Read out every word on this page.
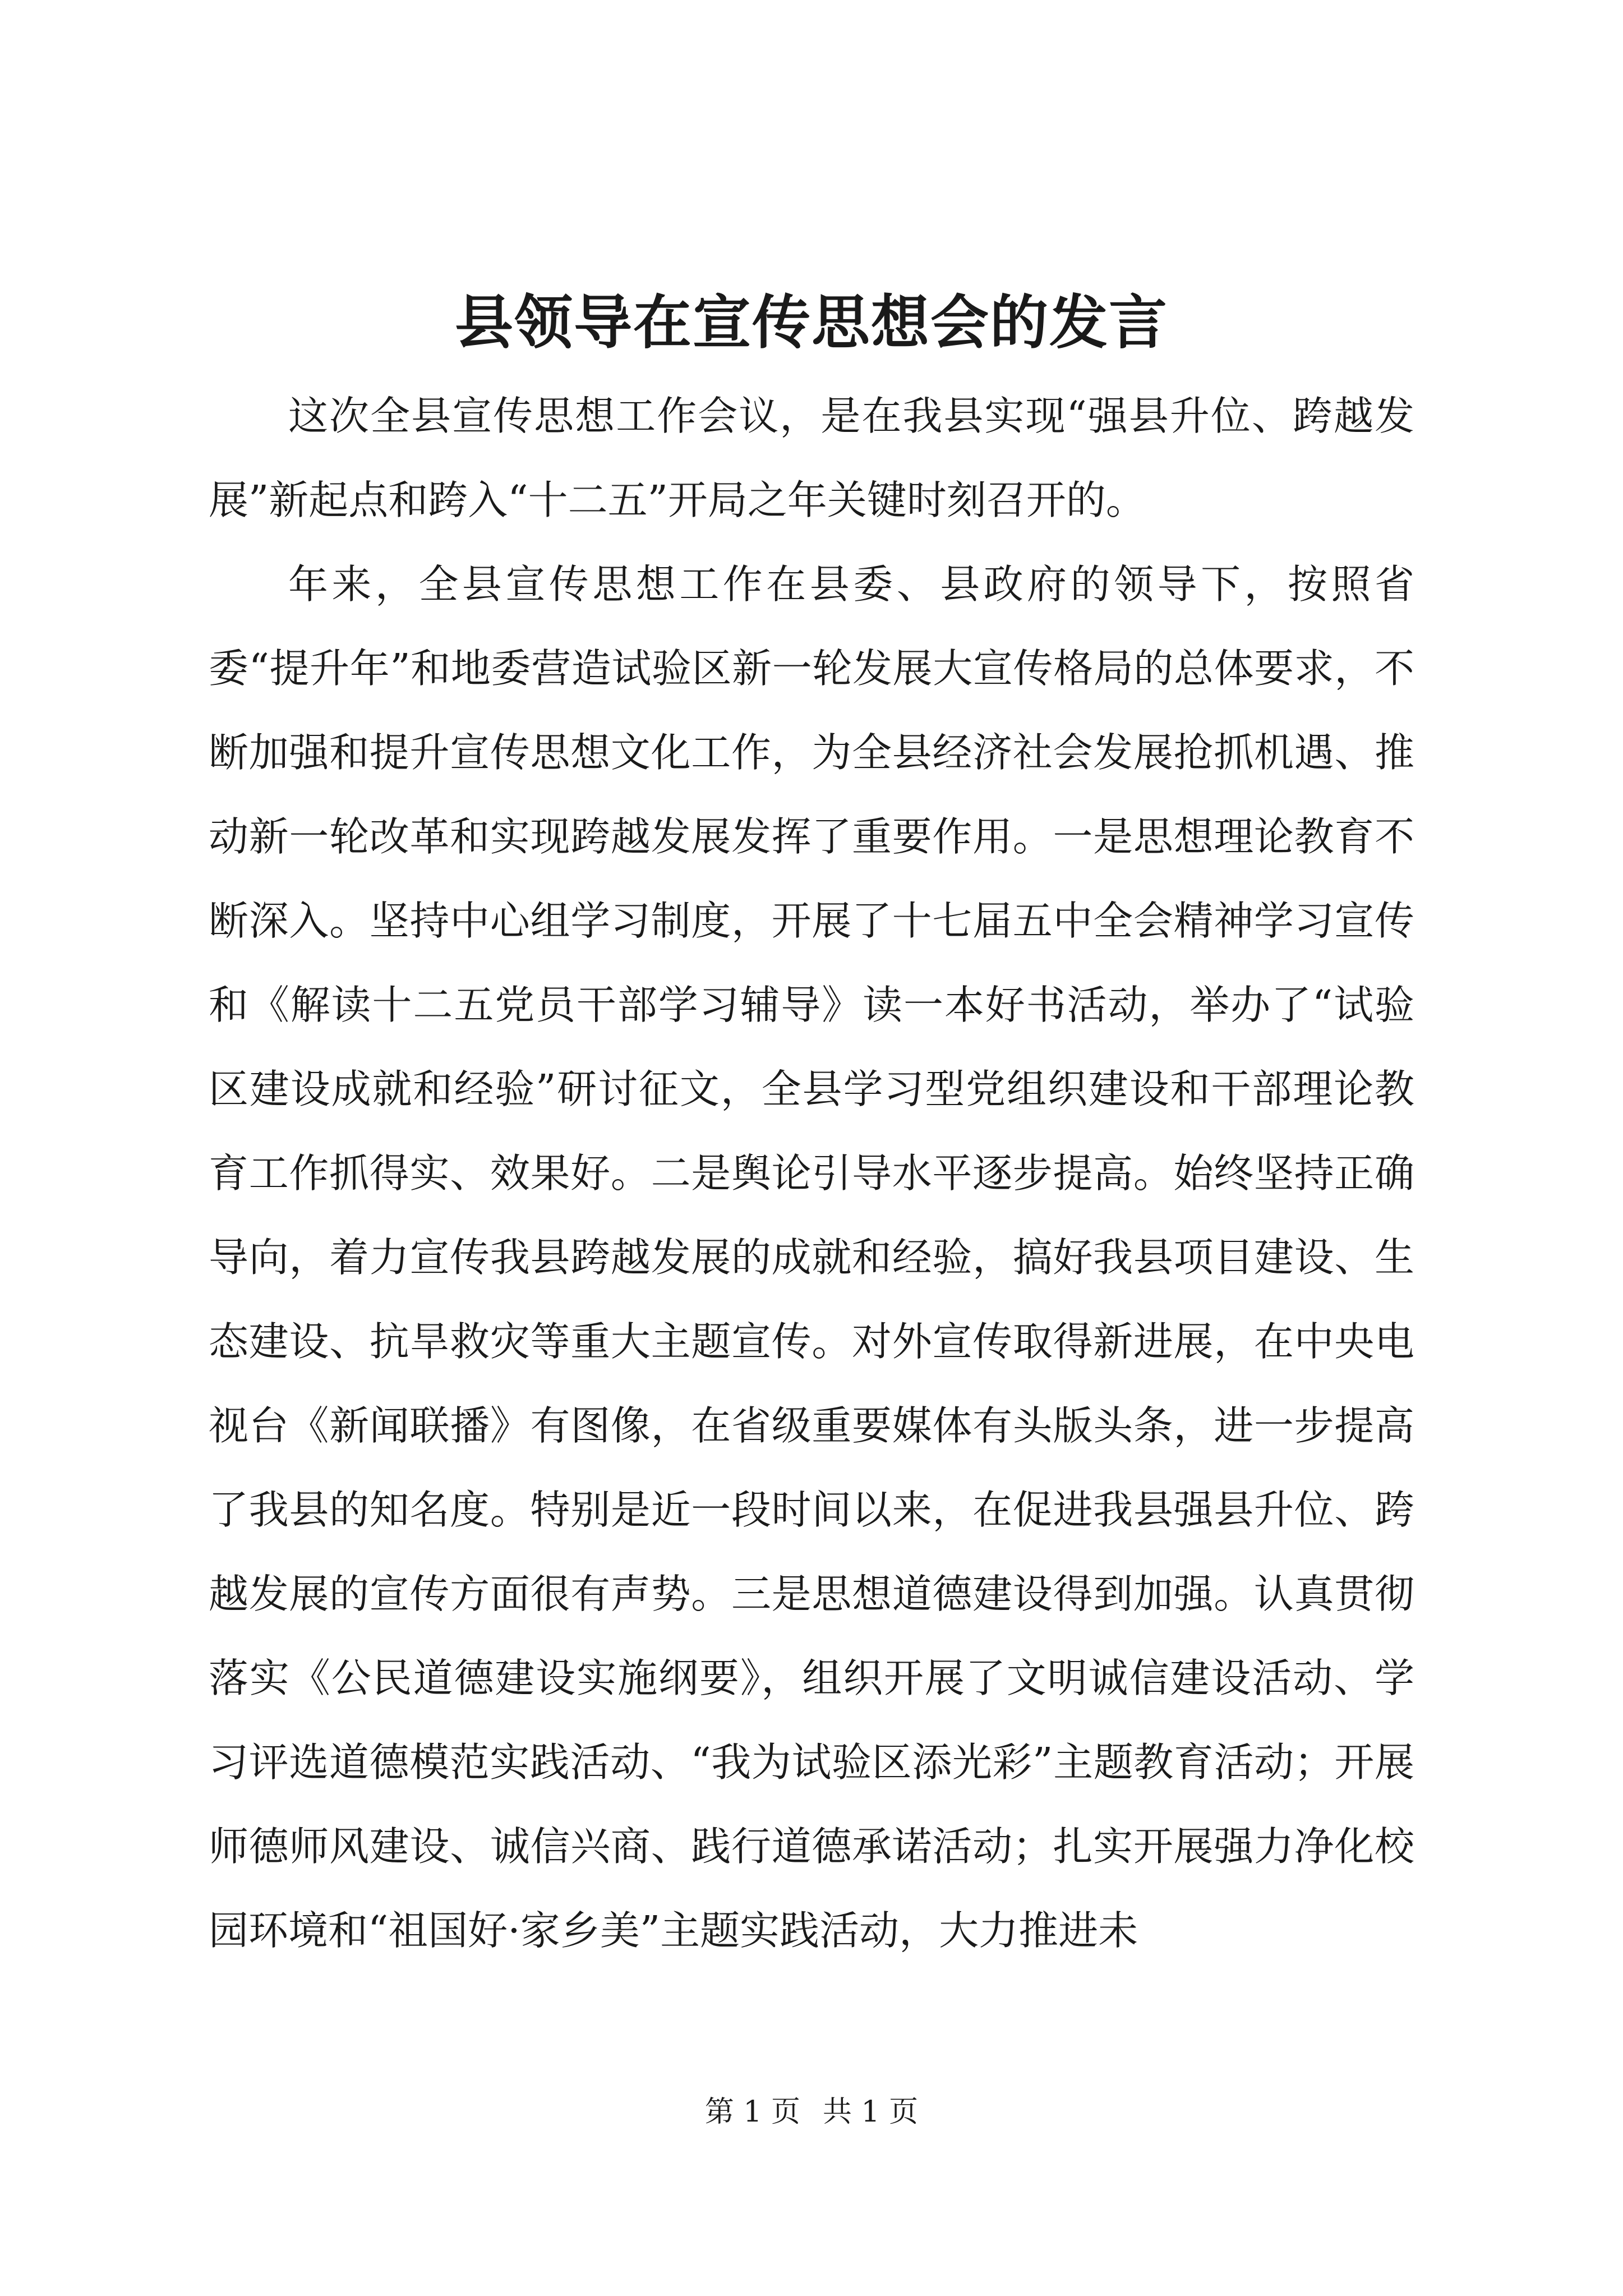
县领导在宣传思想会的发言

这次全县宣传思想工作会议，是在我县实现“强县升位、跨越发展”新起点和跨入“十二五”开局之年关键时刻召开的。

年来，全县宣传思想工作在县委、县政府的领导下，按照省委“提升年”和地委营造试验区新一轮发展大宣传格局的总体要求，不断加强和提升宣传思想文化工作，为全县经济社会发展抢抓机遇、推动新一轮改革和实现跨越发展发挥了重要作用。一是思想理论教育不断深入。坚持中心组学习制度，开展了十七届五中全会精神学习宣传和《解读十二五党员干部学习辅导》读一本好书活动，举办了“试验区建设成就和经验”研讨征文，全县学习型党组织建设和干部理论教育工作抓得实、效果好。二是舆论引导水平逐步提高。始终坚持正确导向，着力宣传我县跨越发展的成就和经验，搞好我县项目建设、生态建设、抗旱救灾等重大主题宣传。对外宣传取得新进展，在中央电视台《新闻联播》有图像，在省级重要媒体有头版头条，进一步提高了我县的知名度。特别是近一段时间以来，在促进我县强县升位、跨越发展的宣传方面很有声势。三是思想道德建设得到加强。认真贯彻落实《公民道德建设实施纲要》，组织开展了文明诚信建设活动、学习评选道德模范实践活动、“我为试验区添光彩”主题教育活动；开展师德师风建设、诚信兴商、践行道德承诺活动；扎实开展强力净化校园环境和“祖国好·家乡美”主题实践活动，大力推进未

第 1 页 共 1 页
